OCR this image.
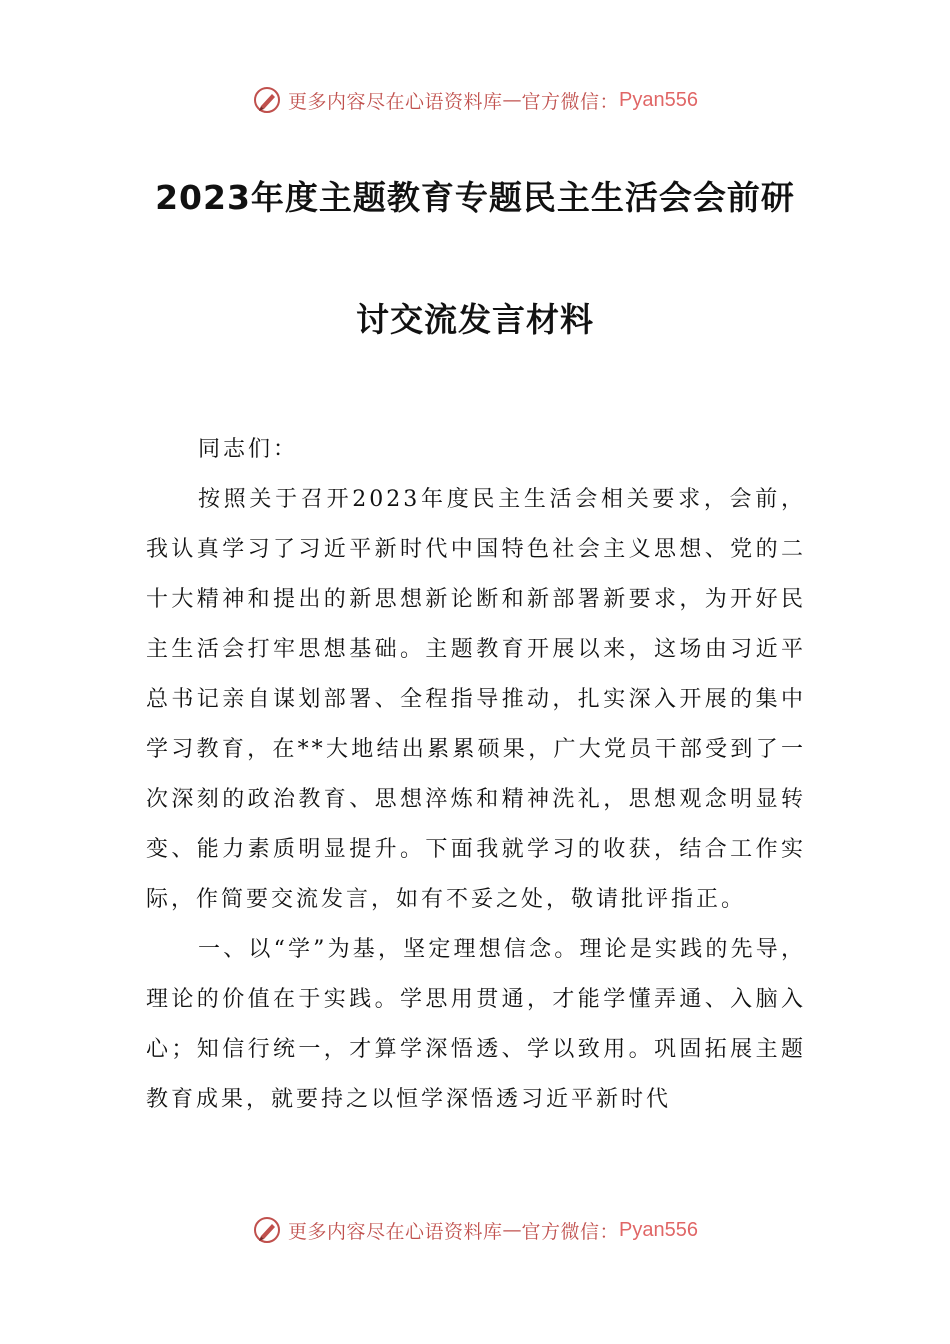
更多内容尽在心语资料库 — 官方微信： Pyan556
2023年度主题教育专题民主生活会会前研
讨交流发言材料

同志们：

按照关于召开2023年度民主生活会相关要求，会前，我认真学习了习近平新时代中国特色社会主义思想、党的二十大精神和提出的新思想新论断和新部署新要求，为开好民主生活会打牢思想基础。主题教育开展以来，这场由习近平总书记亲自谋划部署、全程指导推动，扎实深入开展的集中学习教育，在**大地结出累累硕果，广大党员干部受到了一次深刻的政治教育、思想淬炼和精神洗礼，思想观念明显转变、能力素质明显提升。下面我就学习的收获，结合工作实际，作简要交流发言，如有不妥之处，敬请批评指正。

一、以“学”为基，坚定理想信念。理论是实践的先导，理论的价值在于实践。学思用贯通，才能学懂弄通、入脑入心；知信行统一，才算学深悟透、学以致用。巩固拓展主题教育成果，就要持之以恒学深悟透习近平新时代

更多内容尽在心语资料库 — 官方微信： Pyan556
